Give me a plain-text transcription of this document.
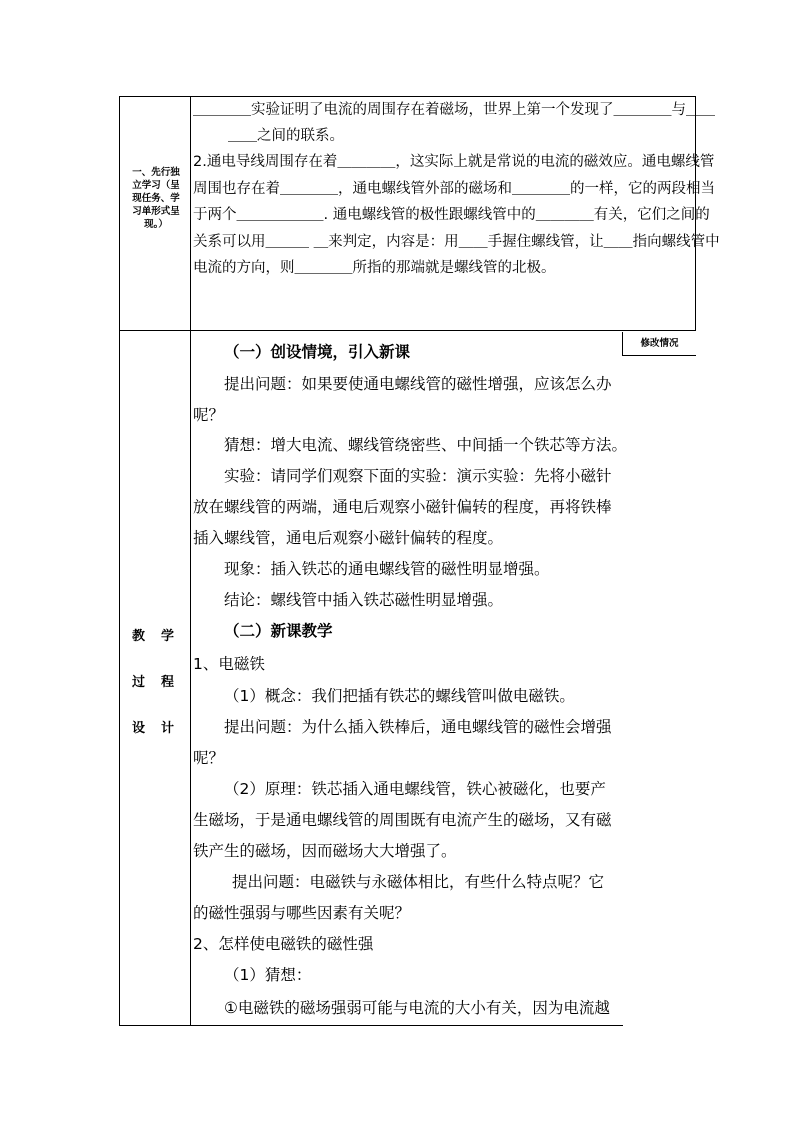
一、先行独
立学习（呈
现任务、学
习单形式呈
现。）
＿＿＿＿实验证明了电流的周围存在着磁场，世界上第一个发现了＿＿＿＿与＿＿
＿＿之间的联系。
2.通电导线周围存在着＿＿＿＿，这实际上就是常说的电流的磁效应。通电螺线管
周围也存在着＿＿＿＿，通电螺线管外部的磁场和＿＿＿＿的一样，它的两段相当
于两个＿＿＿＿＿＿. 通电螺线管的极性跟螺线管中的＿＿＿＿有关，它们之间的
关系可以用＿＿＿ ＿来判定，内容是：用＿＿手握住螺线管，让＿＿指向螺线管中
电流的方向，则＿＿＿＿所指的那端就是螺线管的北极。
教学
过程
设计
修改情况
（一）创设情境，引入新课
提出问题：如果要使通电螺线管的磁性增强，应该怎么办
呢？
猜想：增大电流、螺线管绕密些、中间插一个铁芯等方法。
实验：请同学们观察下面的实验：演示实验：先将小磁针
放在螺线管的两端，通电后观察小磁针偏转的程度，再将铁棒
插入螺线管，通电后观察小磁针偏转的程度。
现象：插入铁芯的通电螺线管的磁性明显增强。
结论：螺线管中插入铁芯磁性明显增强。
（二）新课教学
1、电磁铁
（1）概念：我们把插有铁芯的螺线管叫做电磁铁。
提出问题：为什么插入铁棒后，通电螺线管的磁性会增强
呢？
（2）原理：铁芯插入通电螺线管，铁心被磁化，也要产
生磁场，于是通电螺线管的周围既有电流产生的磁场，又有磁
铁产生的磁场，因而磁场大大增强了。
提出问题：电磁铁与永磁体相比，有些什么特点呢？它
的磁性强弱与哪些因素有关呢？
2、怎样使电磁铁的磁性强
（1）猜想：
①电磁铁的磁场强弱可能与电流的大小有关，因为电流越
